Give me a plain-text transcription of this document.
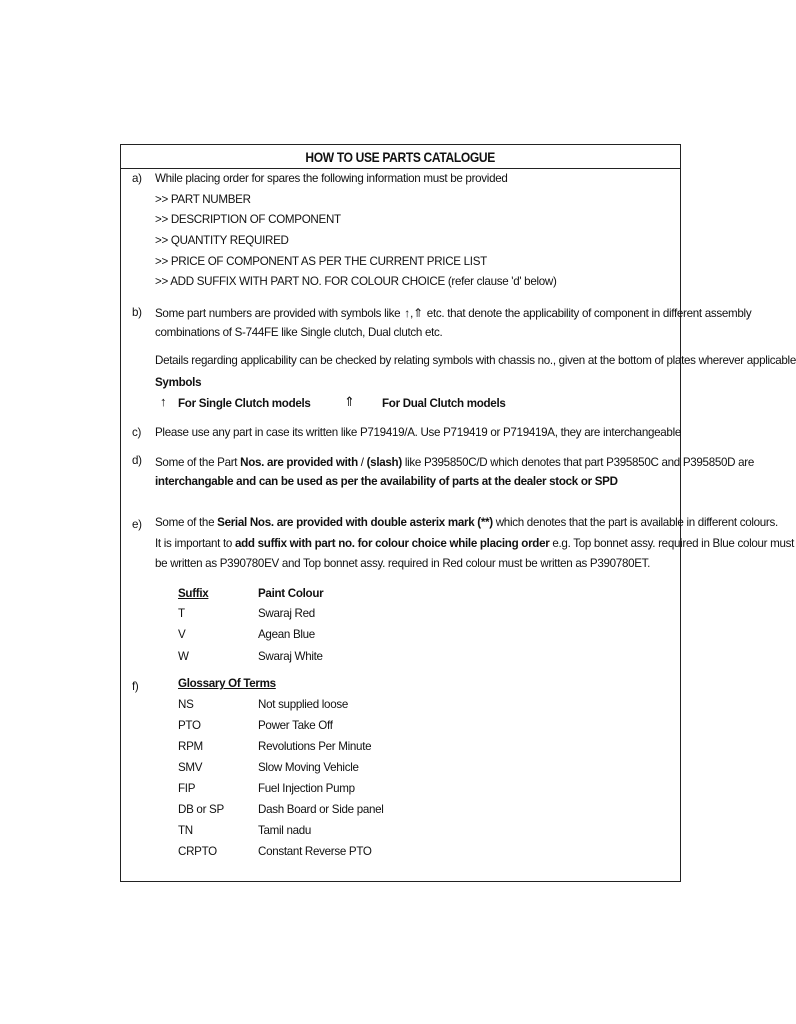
HOW TO USE PARTS CATALOGUE
a) While placing order for spares the following information must be provided
>> PART NUMBER
>> DESCRIPTION OF COMPONENT
>> QUANTITY REQUIRED
>> PRICE OF COMPONENT AS PER THE CURRENT PRICE LIST
>> ADD SUFFIX WITH PART NO. FOR COLOUR CHOICE (refer clause 'd' below)
b) Some part numbers are provided with symbols like ↑,⇑ etc. that denote the applicability of component in different assembly
combinations of S-744FE like Single clutch, Dual clutch etc.
Details regarding applicability can be checked by relating symbols with chassis no., given at the bottom of plates wherever applicable
Symbols
↑ For Single Clutch models	⇑ For Dual Clutch models
c) Please use any part in case its written like P719419/A. Use P719419 or P719419A, they are interchangeable
d) Some of the Part Nos. are provided with / (slash) like P395850C/D which denotes that part P395850C and P395850D are
interchangable and can be used as per the availability of parts at the dealer stock or SPD
e) Some of the Serial Nos. are provided with double asterix mark (**) which denotes that the part is available in different colours.
It is important to add suffix with part no. for colour choice while placing order e.g. Top bonnet assy. required in Blue colour must
be written as P390780EV and Top bonnet assy. required in Red colour must be written as P390780ET.
Suffix	Paint Colour
T	Swaraj Red
V	Agean Blue
W	Swaraj White
f)	Glossary Of Terms
NS	Not supplied loose
PTO	Power Take Off
RPM	Revolutions Per Minute
SMV	Slow Moving Vehicle
FIP	Fuel Injection Pump
DB or SP	Dash Board or Side panel
TN	Tamil nadu
CRPTO	Constant Reverse PTO
